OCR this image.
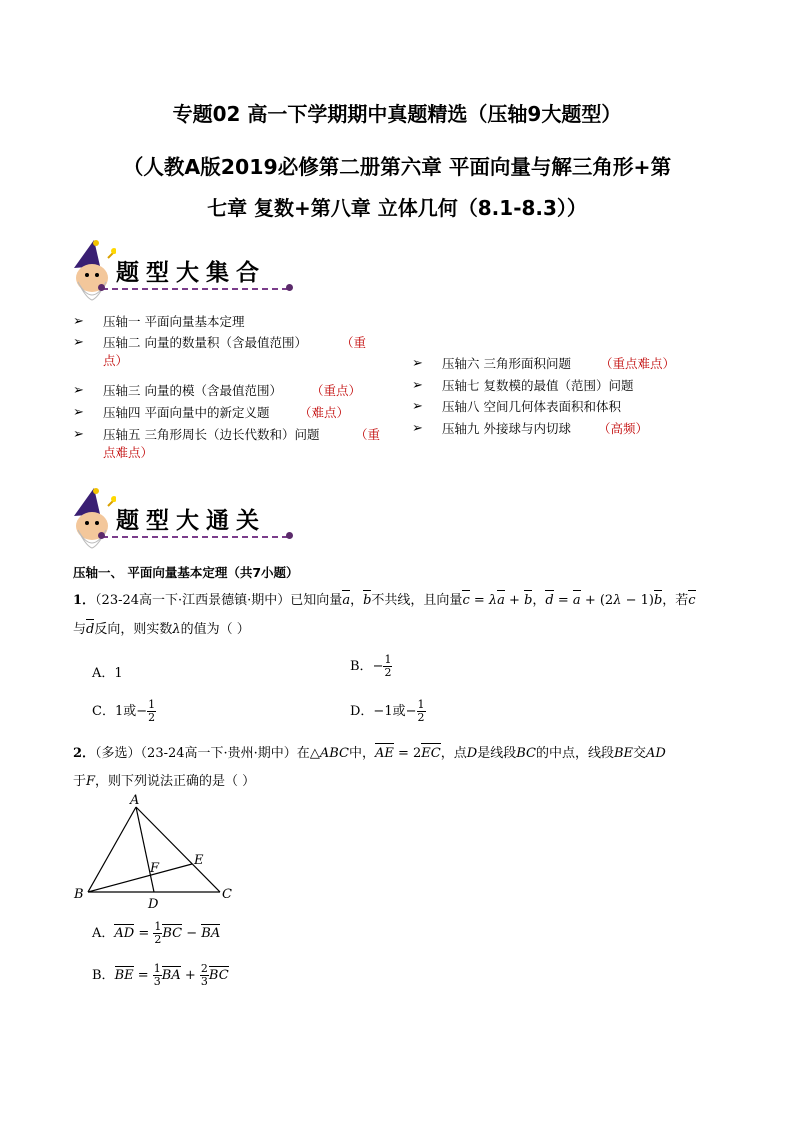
专题02 高一下学期期中真题精选（压轴9大题型）
（人教A版2019必修第二册第六章 平面向量与解三角形+第
七章 复数+第八章 立体几何（8.1-8.3））
题型大集合
➢ 压轴一 平面向量基本定理
➢ 压轴二 向量的数量积（含最值范围）	（重
点）
➢ 压轴三 向量的模（含最值范围） （重点）
➢ 压轴四 平面向量中的新定义题 （难点）
➢ 压轴五 三角形周长（边长代数和）问题	（重
点难点）
➢ 压轴六 三角形面积问题 （重点难点）
➢ 压轴七 复数模的最值（范围）问题
➢ 压轴八 空间几何体表面积和体积
➢ 压轴九 外接球与内切球 （高频）
题型大通关
压轴一、 平面向量基本定理（共7小题）
1．（23-24高一下·江西景德镇·期中）已知向量a，b不共线，且向量c = λa + b，d = a + (2λ − 1)b，若c
与d反向，则实数λ的值为（ ）
A．1	B．− $\frac{1}{2}$
C．1或− $\frac{1}{2}$	D．−1或− $\frac{1}{2}$
2．（多选）（23-24高一下·贵州·期中）在△ABC中，AE = 2EC，点D是线段BC的中点，线段BE交AD
于F，则下列说法正确的是（ ）
A
B	C
D
E
F
A．AD = $\frac{1}{2}$ BC − BA
B．BE = $\frac{1}{3}$ BA + $\frac{2}{3}$ BC
